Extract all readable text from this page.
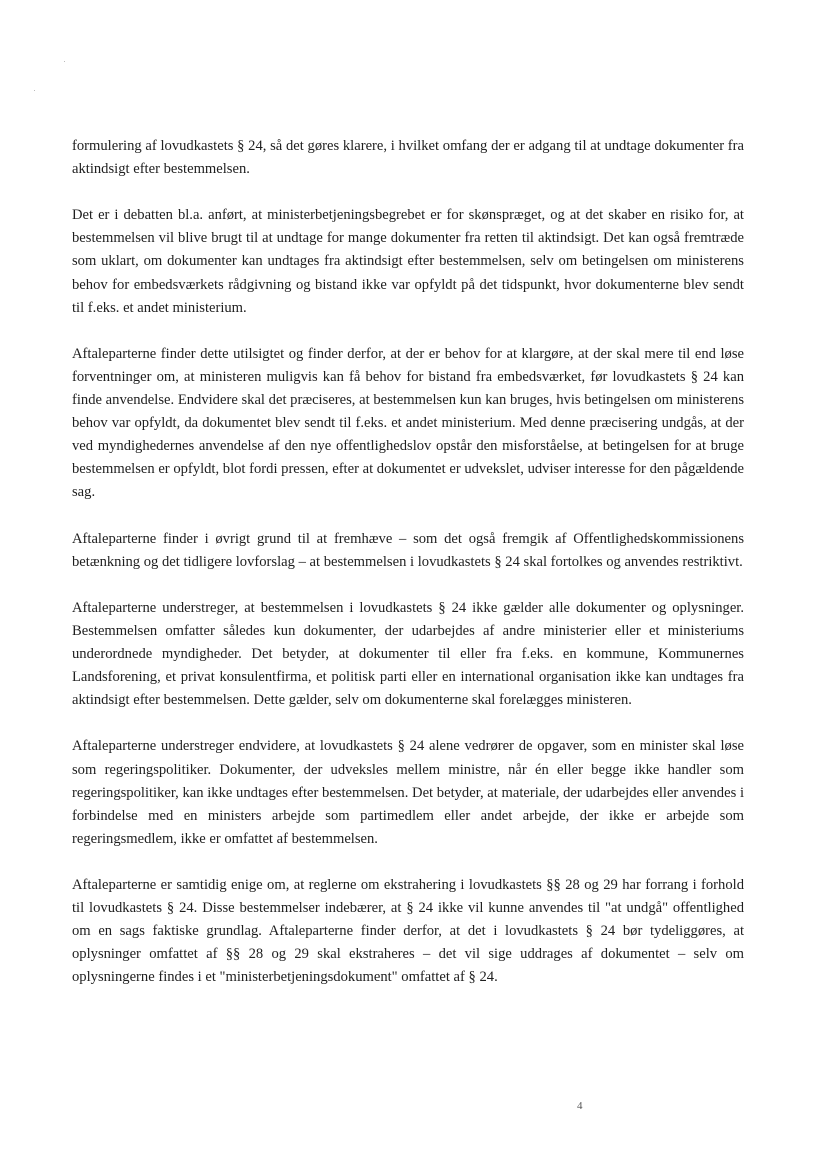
formulering af lovudkastets § 24, så det gøres klarere, i hvilket omfang der er adgang til at undtage dokumenter fra aktindsigt efter bestemmelsen.

Det er i debatten bl.a. anført, at ministerbetjeningsbegrebet er for skønspræget, og at det skaber en risiko for, at bestemmelsen vil blive brugt til at undtage for mange dokumenter fra retten til aktindsigt. Det kan også fremtræde som uklart, om dokumenter kan undtages fra aktindsigt efter bestemmelsen, selv om betingelsen om ministerens behov for embedsværkets rådgivning og bistand ikke var opfyldt på det tidspunkt, hvor dokumenterne blev sendt til f.eks. et andet ministerium.

Aftaleparterne finder dette utilsigtet og finder derfor, at der er behov for at klargøre, at der skal mere til end løse forventninger om, at ministeren muligvis kan få behov for bistand fra embedsværket, før lovudkastets § 24 kan finde anvendelse. Endvidere skal det præciseres, at bestemmelsen kun kan bruges, hvis betingelsen om ministerens behov var opfyldt, da dokumentet blev sendt til f.eks. et andet ministerium. Med denne præcisering undgås, at der ved myndighedernes anvendelse af den nye offentlighedslov opstår den misforståelse, at betingelsen for at bruge bestemmelsen er opfyldt, blot fordi pressen, efter at dokumentet er udvekslet, udviser interesse for den pågældende sag.

Aftaleparterne finder i øvrigt grund til at fremhæve – som det også fremgik af Offentlighedskommissionens betænkning og det tidligere lovforslag – at bestemmelsen i lovudkastets § 24 skal fortolkes og anvendes restriktivt.

Aftaleparterne understreger, at bestemmelsen i lovudkastets § 24 ikke gælder alle dokumenter og oplysninger. Bestemmelsen omfatter således kun dokumenter, der udarbejdes af andre ministerier eller et ministeriums underordnede myndigheder. Det betyder, at dokumenter til eller fra f.eks. en kommune, Kommunernes Landsforening, et privat konsulentfirma, et politisk parti eller en international organisation ikke kan undtages fra aktindsigt efter bestemmelsen. Dette gælder, selv om dokumenterne skal forelægges ministeren.

Aftaleparterne understreger endvidere, at lovudkastets § 24 alene vedrører de opgaver, som en minister skal løse som regeringspolitiker. Dokumenter, der udveksles mellem ministre, når én eller begge ikke handler som regeringspolitiker, kan ikke undtages efter bestemmelsen. Det betyder, at materiale, der udarbejdes eller anvendes i forbindelse med en ministers arbejde som partimedlem eller andet arbejde, der ikke er arbejde som regeringsmedlem, ikke er omfattet af bestemmelsen.

Aftaleparterne er samtidig enige om, at reglerne om ekstrahering i lovudkastets §§ 28 og 29 har forrang i forhold til lovudkastets § 24. Disse bestemmelser indebærer, at § 24 ikke vil kunne anvendes til "at undgå" offentlighed om en sags faktiske grundlag. Aftaleparterne finder derfor, at det i lovudkastets § 24 bør tydeliggøres, at oplysninger omfattet af §§ 28 og 29 skal ekstraheres – det vil sige uddrages af dokumentet – selv om oplysningerne findes i et "ministerbetjeningsdokument" omfattet af § 24.

4
